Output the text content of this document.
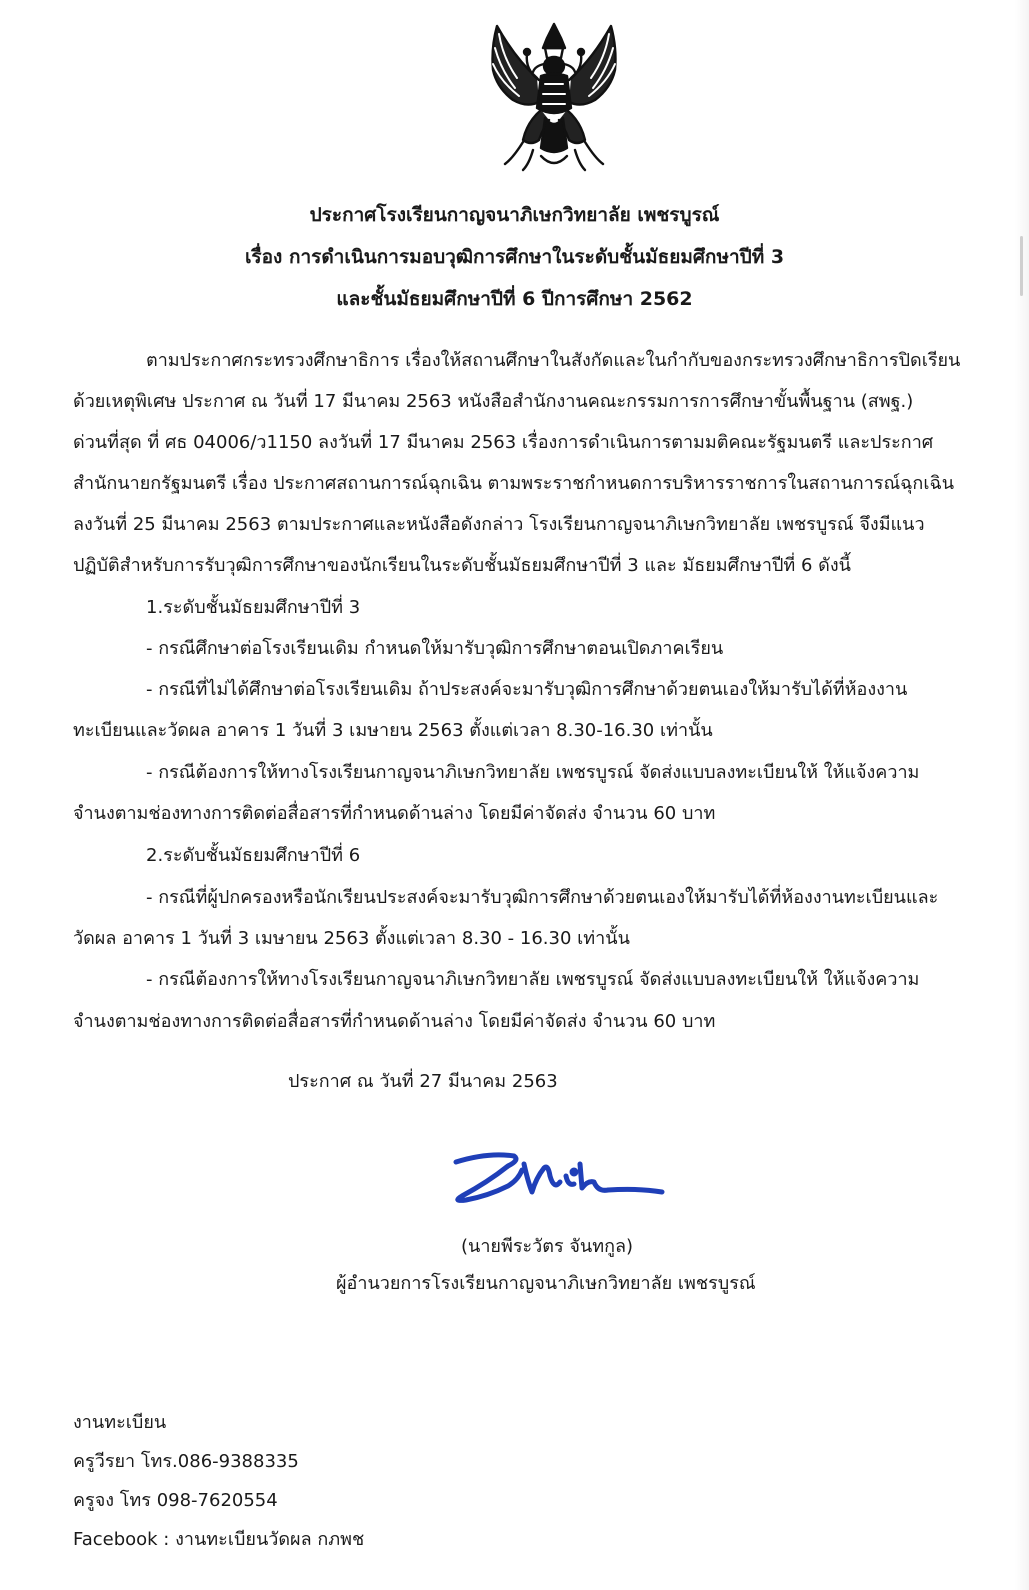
ประกาศโรงเรียนกาญจนาภิเษกวิทยาลัย เพชรบูรณ์
เรื่อง การดำเนินการมอบวุฒิการศึกษาในระดับชั้นมัธยมศึกษาปีที่ 3
และชั้นมัธยมศึกษาปีที่ 6 ปีการศึกษา 2562
ตามประกาศกระทรวงศึกษาธิการ เรื่องให้สถานศึกษาในสังกัดและในกำกับของกระทรวงศึกษาธิการปิดเรียน
ด้วยเหตุพิเศษ ประกาศ ณ วันที่ 17 มีนาคม 2563 หนังสือสำนักงานคณะกรรมการการศึกษาขั้นพื้นฐาน (สพฐ.)
ด่วนที่สุด ที่ ศธ 04006/ว1150 ลงวันที่ 17 มีนาคม 2563 เรื่องการดำเนินการตามมติคณะรัฐมนตรี และประกาศ
สำนักนายกรัฐมนตรี เรื่อง ประกาศสถานการณ์ฉุกเฉิน ตามพระราชกำหนดการบริหารราชการในสถานการณ์ฉุกเฉิน
ลงวันที่ 25 มีนาคม 2563 ตามประกาศและหนังสือดังกล่าว โรงเรียนกาญจนาภิเษกวิทยาลัย เพชรบูรณ์ จึงมีแนว
ปฏิบัติสำหรับการรับวุฒิการศึกษาของนักเรียนในระดับชั้นมัธยมศึกษาปีที่ 3 และ มัธยมศึกษาปีที่ 6 ดังนี้
1.ระดับชั้นมัธยมศึกษาปีที่ 3
- กรณีศึกษาต่อโรงเรียนเดิม กำหนดให้มารับวุฒิการศึกษาตอนเปิดภาคเรียน
- กรณีที่ไม่ได้ศึกษาต่อโรงเรียนเดิม ถ้าประสงค์จะมารับวุฒิการศึกษาด้วยตนเองให้มารับได้ที่ห้องงาน
ทะเบียนและวัดผล อาคาร 1 วันที่ 3 เมษายน 2563 ตั้งแต่เวลา 8.30-16.30 เท่านั้น
- กรณีต้องการให้ทางโรงเรียนกาญจนาภิเษกวิทยาลัย เพชรบูรณ์ จัดส่งแบบลงทะเบียนให้ ให้แจ้งความ
จำนงตามช่องทางการติดต่อสื่อสารที่กำหนดด้านล่าง โดยมีค่าจัดส่ง จำนวน 60 บาท
2.ระดับชั้นมัธยมศึกษาปีที่ 6
- กรณีที่ผู้ปกครองหรือนักเรียนประสงค์จะมารับวุฒิการศึกษาด้วยตนเองให้มารับได้ที่ห้องงานทะเบียนและ
วัดผล อาคาร 1 วันที่ 3 เมษายน 2563 ตั้งแต่เวลา 8.30 - 16.30 เท่านั้น
- กรณีต้องการให้ทางโรงเรียนกาญจนาภิเษกวิทยาลัย เพชรบูรณ์ จัดส่งแบบลงทะเบียนให้ ให้แจ้งความ
จำนงตามช่องทางการติดต่อสื่อสารที่กำหนดด้านล่าง โดยมีค่าจัดส่ง จำนวน 60 บาท
ประกาศ ณ วันที่ 27 มีนาคม 2563
(นายพีระวัตร จันทกูล)
ผู้อำนวยการโรงเรียนกาญจนาภิเษกวิทยาลัย เพชรบูรณ์
งานทะเบียน
ครูวีรยา โทร.086-9388335
ครูจง โทร 098-7620554
Facebook : งานทะเบียนวัดผล กภพช
